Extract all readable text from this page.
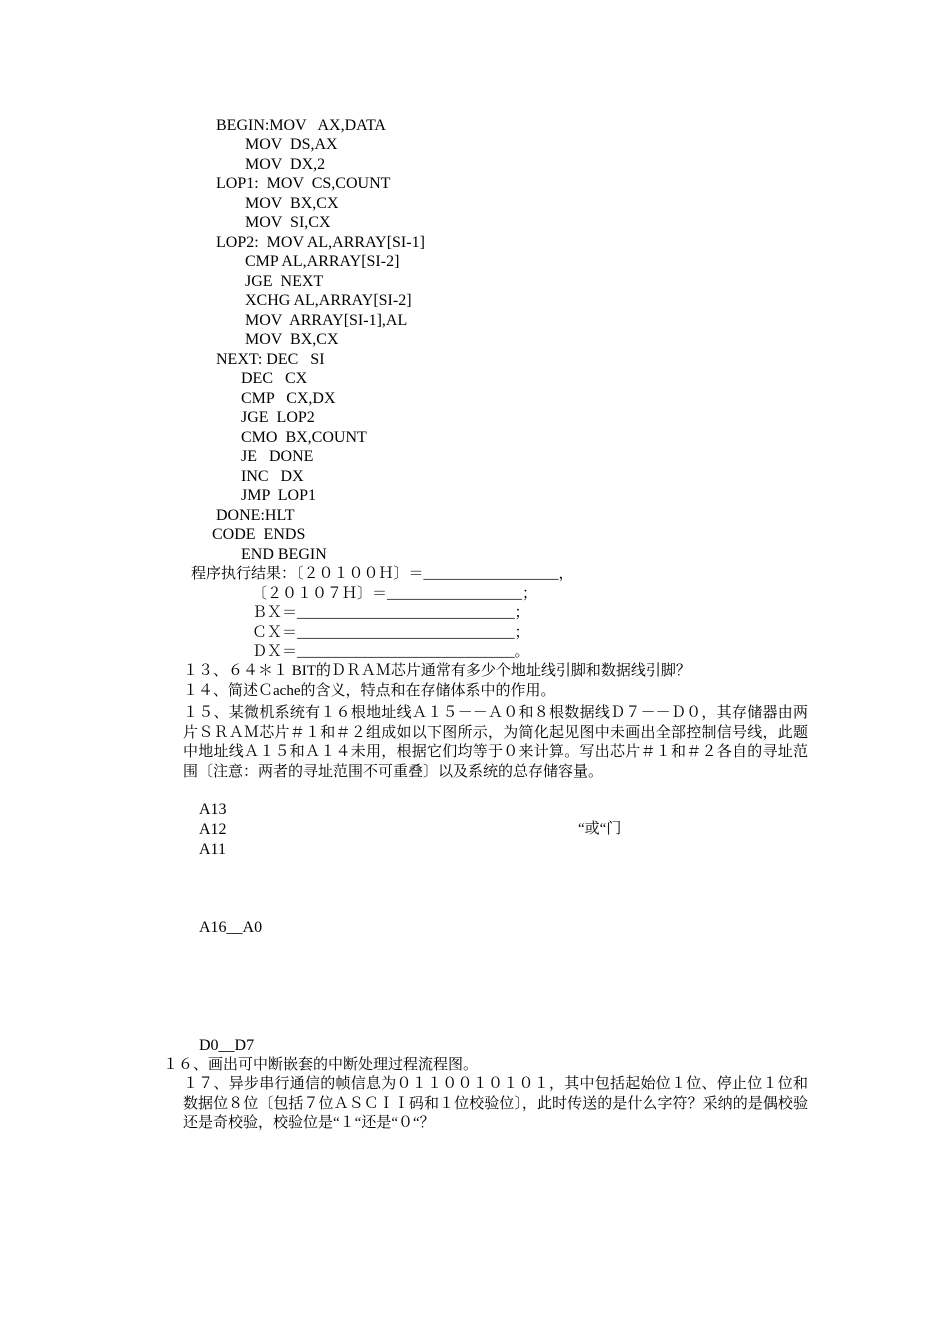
BEGIN:MOV   AX,DATA
MOV  DS,AX
MOV  DX,2
LOP1:  MOV  CS,COUNT
MOV  BX,CX
MOV  SI,CX
LOP2:  MOV AL,ARRAY[SI-1]
CMP AL,ARRAY[SI-2]
JGE  NEXT
XCHG AL,ARRAY[SI-2]
MOV  ARRAY[SI-1],AL
MOV  BX,CX
NEXT: DEC   SI
DEC   CX
CMP   CX,DX
JGE  LOP2
CMO  BX,COUNT
JE   DONE
INC   DX
JMP  LOP1
DONE:HLT
CODE  ENDS
END BEGIN
程序执行结果：〔２０１００Ｈ〕＝__________________，
〔２０１０７Ｈ〕＝__________________；
ＢＸ＝_____________________________；
ＣＸ＝_____________________________；
ＤＸ＝_____________________________。
１３、６４＊１ BIT的ＤＲＡＭ芯片通常有多少个地址线引脚和数据线引脚？
１４、简述Ｃache的含义，特点和在存储体系中的作用。
１５、某微机系统有１６根地址线Ａ１５－－Ａ０和８根数据线Ｄ７－－Ｄ０，其存储器由两片ＳＲＡＭ芯片＃１和＃２组成如以下图所示，为简化起见图中未画出全部控制信号线，此题中地址线Ａ１５和Ａ１４未用，根据它们均等于０来计算。写出芯片＃１和＃２各自的寻址范围〔注意：两者的寻址范围不可重叠〕以及系统的总存储容量。
A13
A12	“或“门
A11
A16__A0
D0__D7
１６、画出可中断嵌套的中断处理过程流程图。
１７、异步串行通信的帧信息为０１１００１０１０１，其中包括起始位１位、停止位１位和数据位８位〔包括７位ＡＳＣＩＩ码和１位校验位〕，此时传送的是什么字符？采纳的是偶校验还是奇校验，校验位是“１“还是“０“？
